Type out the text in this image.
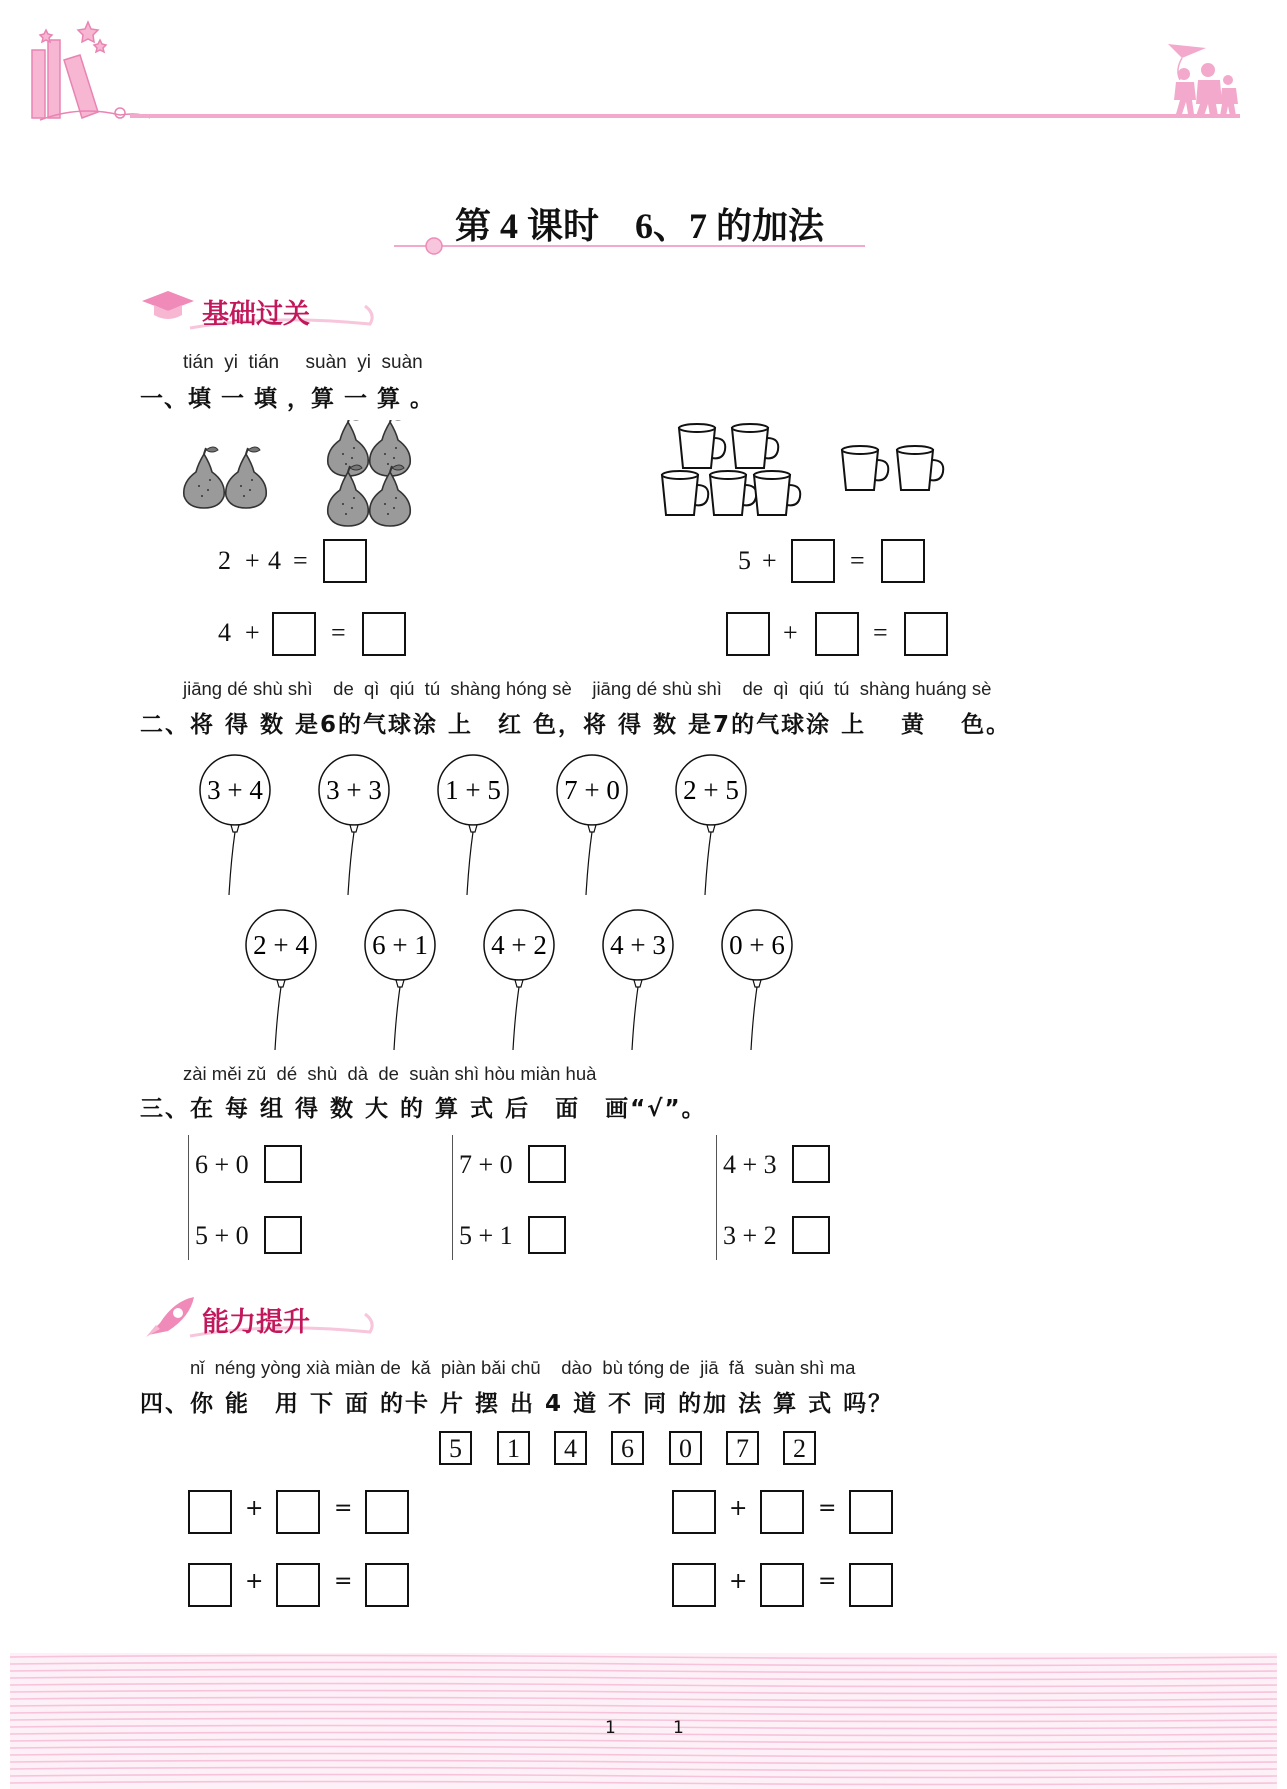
第 4 课时　6、7 的加法
基础过关
tián  yi  tián     suàn  yi  suàn
一、填 一 填 ，算 一 算 。
2 + 4 =
4 +	=
5 +	=
+	=
jiāng dé shù shì    de  qì  qiú  tú  shàng hóng sè    jiāng dé shù shì    de  qì  qiú  tú  shàng huáng sè
二、将 得 数 是6的气球涂 上　红 色，将 得 数 是7的气球涂 上　 黄 　色。
3 + 4 3 + 3 1 + 5 7 + 0 2 + 5
2 + 4 6 + 1 4 + 2 4 + 3 0 + 6
zài měi zǔ  dé  shù  dà  de  suàn shì hòu miàn huà
三、在 每 组 得 数 大 的 算 式 后　面　画“√”。
6 + 0
5 + 0
7 + 0
5 + 1
4 + 3
3 + 2
能力提升
nǐ  néng yòng xià miàn de  kǎ  piàn bǎi chū    dào  bù tóng de  jiā  fǎ  suàn shì ma
四、你 能　用 下 面 的卡 片 摆 出 4 道 不 同 的加 法 算 式 吗？
5	1	4	6	0	7	2
+	=	+	=
+	=	+	=
1	1
